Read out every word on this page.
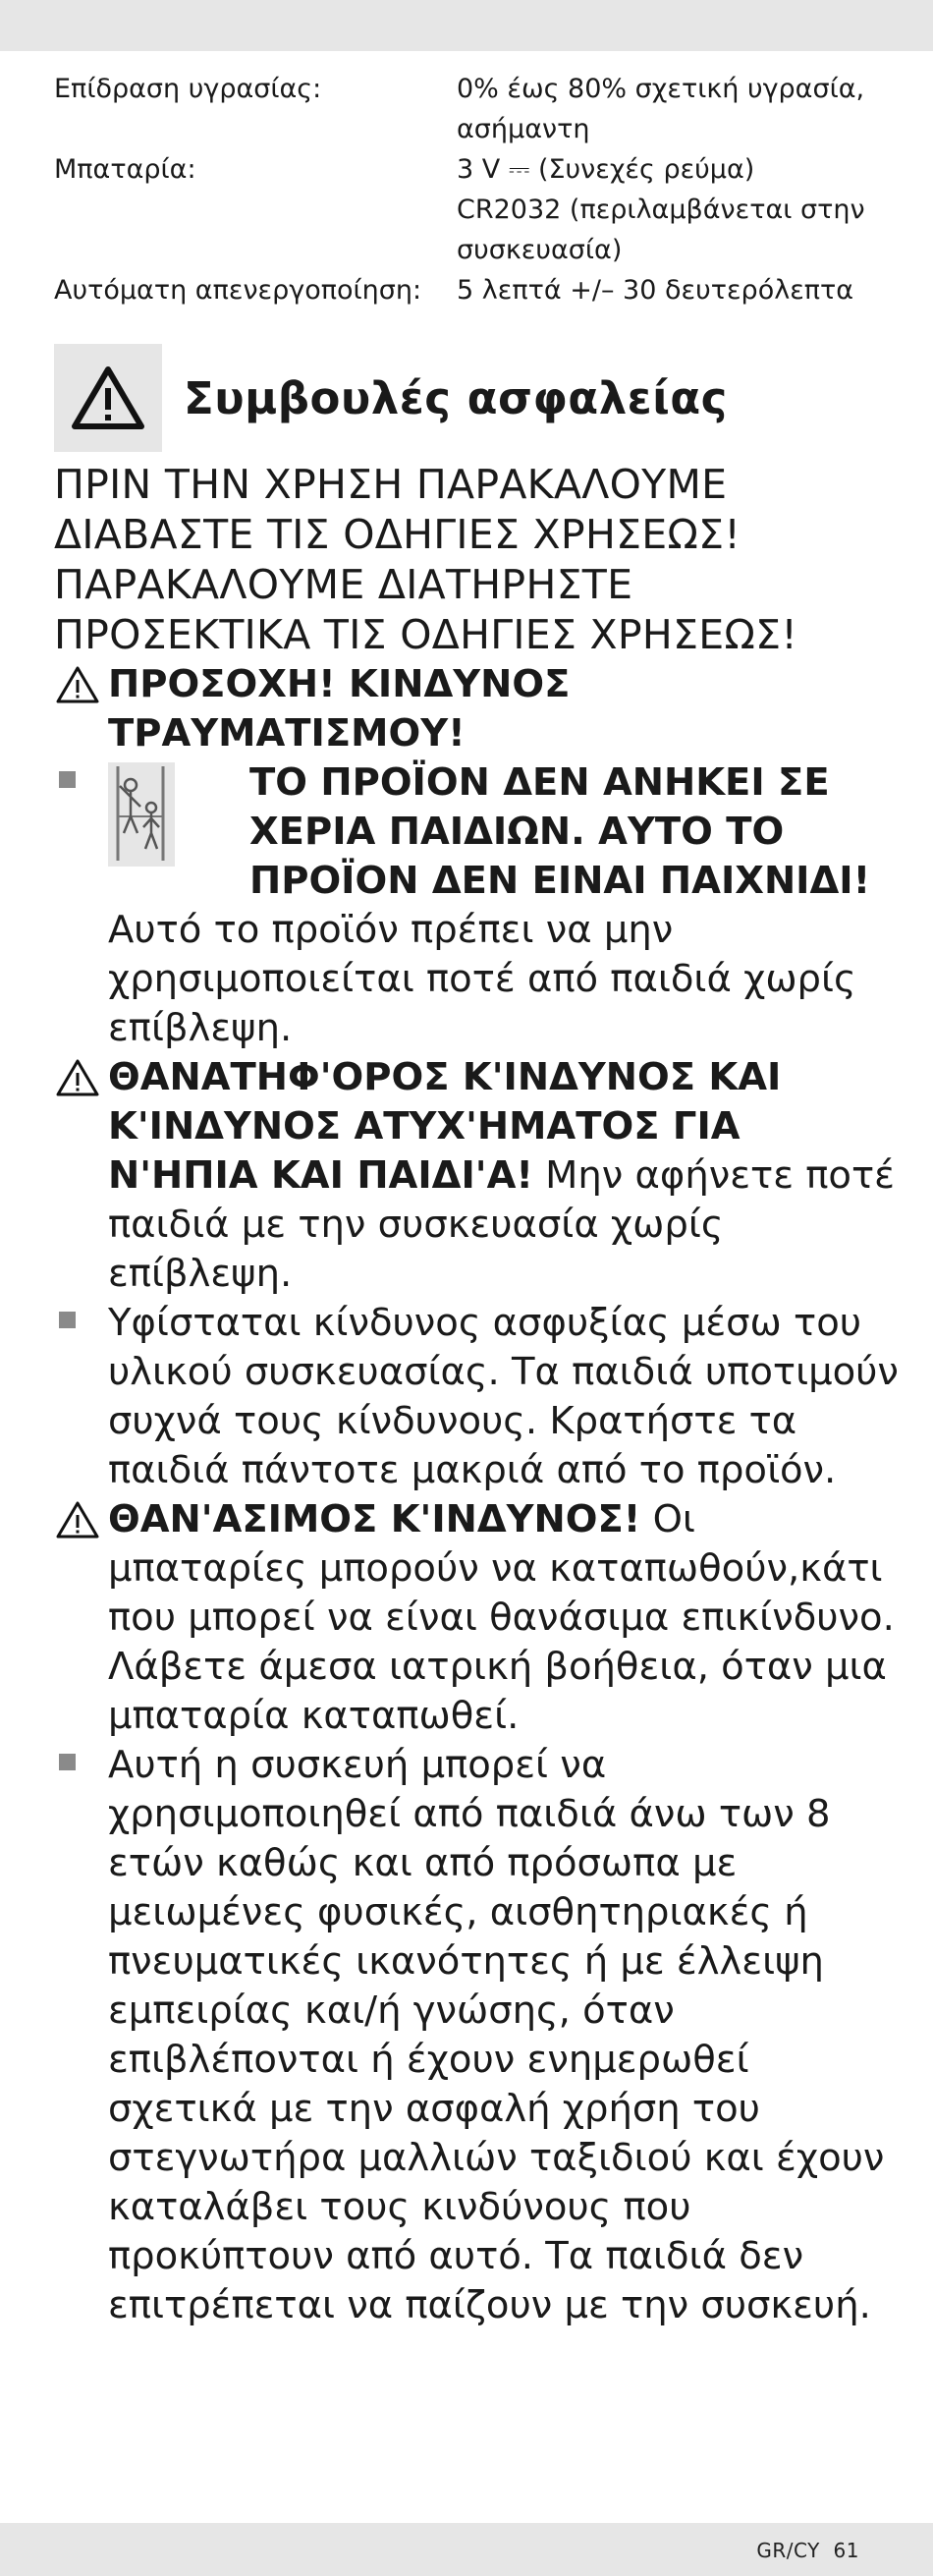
Επίδραση υγρασίας:	0% έως 80% σχετική υγρασία,
ασήμαντη
Μπαταρία:	3 V ⎓ (Συνεχές ρεύμα)
CR2032 (περιλαμβάνεται στην
συσκευασία)
Αυτόματη απενεργοποίηση:	5 λεπτά +/– 30 δευτερόλεπτα
Συμβουλές ασφαλείας
ΠΡΙΝ ΤΗΝ ΧΡΗΣΗ ΠΑΡΑΚΑΛΟΥΜΕ
ΔΙΑΒΑΣΤΕ ΤΙΣ ΟΔΗΓΙΕΣ ΧΡΗΣΕΩΣ!
ΠΑΡΑΚΑΛΟΥΜΕ ΔΙΑΤΗΡΗΣΤΕ
ΠΡΟΣΕΚΤΙΚΑ ΤΙΣ ΟΔΗΓΙΕΣ ΧΡΗΣΕΩΣ!
ΠΡΟΣΟΧΗ! ΚΙΝΔΥΝΟΣ ΤΡΑΥΜΑΤΙΣΜΟΥ!
ΤΟ ΠΡΟΪΟΝ ΔΕΝ ΑΝΗΚΕΙ ΣΕ ΧΕΡΙΑ ΠΑΙΔΙΩΝ. ΑΥΤΟ ΤΟ ΠΡΟΪΟΝ ΔΕΝ ΕΙΝΑΙ ΠΑΙΧΝΙΔΙ! Αυτό το προϊόν πρέπει να μην χρησιμοποιείται ποτέ από παιδιά χωρίς επίβλεψη.
ΘΑΝΑΤΗΦ'ΟΡΟΣ Κ'ΙΝΔΥΝΟΣ ΚΑΙ Κ'ΙΝΔΥΝΟΣ ΑΤΥΧ'ΗΜΑΤΟΣ ΓΙΑ Ν'ΗΠΙΑ ΚΑΙ ΠΑΙΔΙ'Α! Μην αφήνετε ποτέ παιδιά με την συσκευασία χωρίς επίβλεψη.
Υφίσταται κίνδυνος ασφυξίας μέσω του υλικού συσκευασίας. Τα παιδιά υποτιμούν συχνά τους κίνδυνους. Κρατήστε τα παιδιά πάντοτε μακριά από το προϊόν.
ΘΑΝ'ΑΣΙΜΟΣ Κ'ΙΝΔΥΝΟΣ! Οι μπαταρίες μπορούν να καταπωθούν,κάτι που μπορεί να είναι θανάσιμα επικίνδυνο. Λάβετε άμεσα ιατρική βοήθεια, όταν μια μπαταρία καταπωθεί.
Αυτή η συσκευή μπορεί να χρησιμοποιηθεί από παιδιά άνω των 8 ετών καθώς και από πρόσωπα με μειωμένες φυσικές, αισθητηριακές ή πνευματικές ικανότητες ή με έλλειψη εμπειρίας και/ή γνώσης, όταν επιβλέπονται ή έχουν ενημερωθεί σχετικά με την ασφαλή χρήση του στεγνωτήρα μαλλιών ταξιδιού και έχουν καταλάβει τους κινδύνους που προκύπτουν από αυτό. Τα παιδιά δεν επιτρέπεται να παίζουν με την συσκευή.
GR/CY 61
